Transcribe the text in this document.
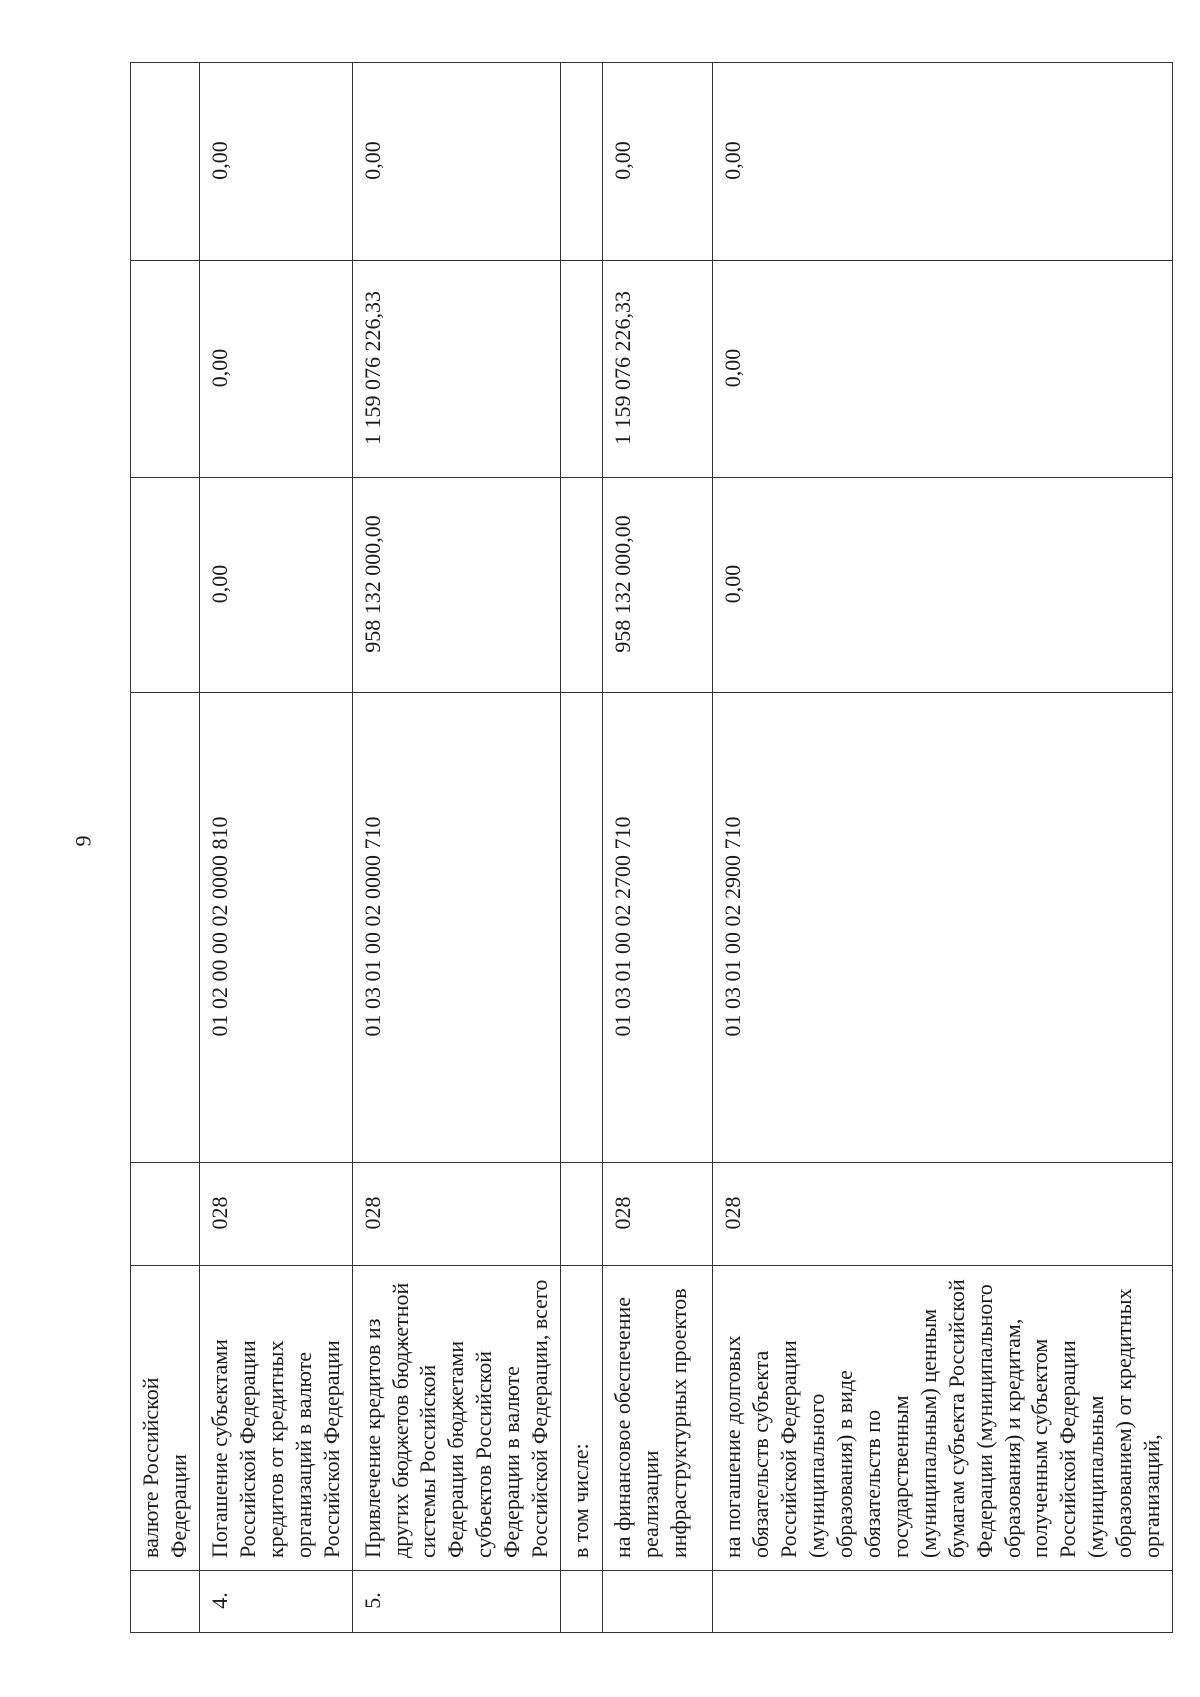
9
	валюте Российской Федерации					
4.	Погашение субъектами Российской Федерации кредитов от кредитных организаций в валюте Российской Федерации	028	01 02 00 00 02 0000 810	0,00	0,00	0,00
5.	Привлечение кредитов из других бюджетов бюджетной системы Российской Федерации бюджетами субъектов Российской Федерации в валюте Российской Федерации, всего	028	01 03 01 00 02 0000 710	958 132 000,00	1 159 076 226,33	0,00
	в том числе:					
	на финансовое обеспечение реализации инфраструктурных проектов	028	01 03 01 00 02 2700 710	958 132 000,00	1 159 076 226,33	0,00
	на погашение долговых обязательств субъекта Российской Федерации (муниципального образования) в виде обязательств по государственным (муниципальным) ценным бумагам субъекта Российской Федерации (муниципального образования) и кредитам, полученным субъектом Российской Федерации (муниципальным образованием) от кредитных организаций,	028	01 03 01 00 02 2900 710	0,00	0,00	0,00
